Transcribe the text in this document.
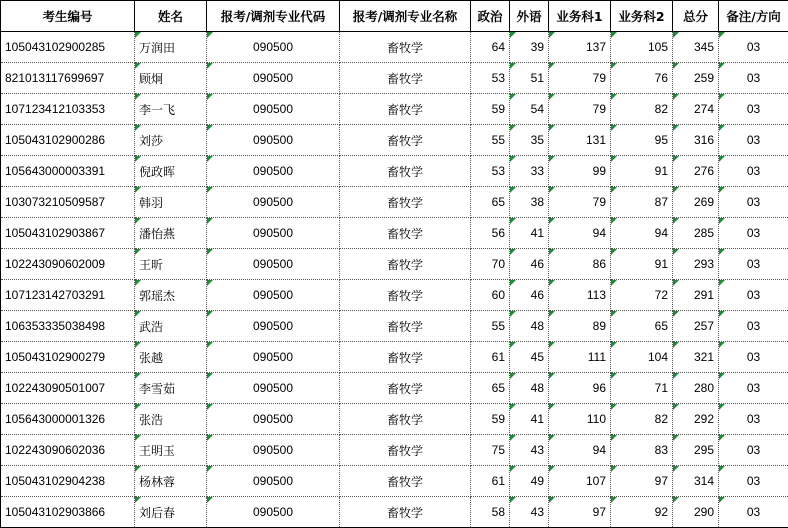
考生编号	姓名	报考/调剂专业代码	报考/调剂专业名称	政治	外语	业务科1	业务科2	总分	备注/方向
105043102900285	万润田	090500	畜牧学	64	39	137	105	345	03
821013117699697	顾炯	090500	畜牧学	53	51	79	76	259	03
107123412103353	李一飞	090500	畜牧学	59	54	79	82	274	03
105043102900286	刘莎	090500	畜牧学	55	35	131	95	316	03
105643000003391	倪政晖	090500	畜牧学	53	33	99	91	276	03
103073210509587	韩羽	090500	畜牧学	65	38	79	87	269	03
105043102903867	潘怡燕	090500	畜牧学	56	41	94	94	285	03
102243090602009	王昕	090500	畜牧学	70	46	86	91	293	03
107123142703291	郭瑶杰	090500	畜牧学	60	46	113	72	291	03
106353335038498	武浩	090500	畜牧学	55	48	89	65	257	03
105043102900279	张越	090500	畜牧学	61	45	111	104	321	03
102243090501007	李雪茹	090500	畜牧学	65	48	96	71	280	03
105643000001326	张浩	090500	畜牧学	59	41	110	82	292	03
102243090602036	王明玉	090500	畜牧学	75	43	94	83	295	03
105043102904238	杨林蓉	090500	畜牧学	61	49	107	97	314	03
105043102903866	刘后春	090500	畜牧学	58	43	97	92	290	03
